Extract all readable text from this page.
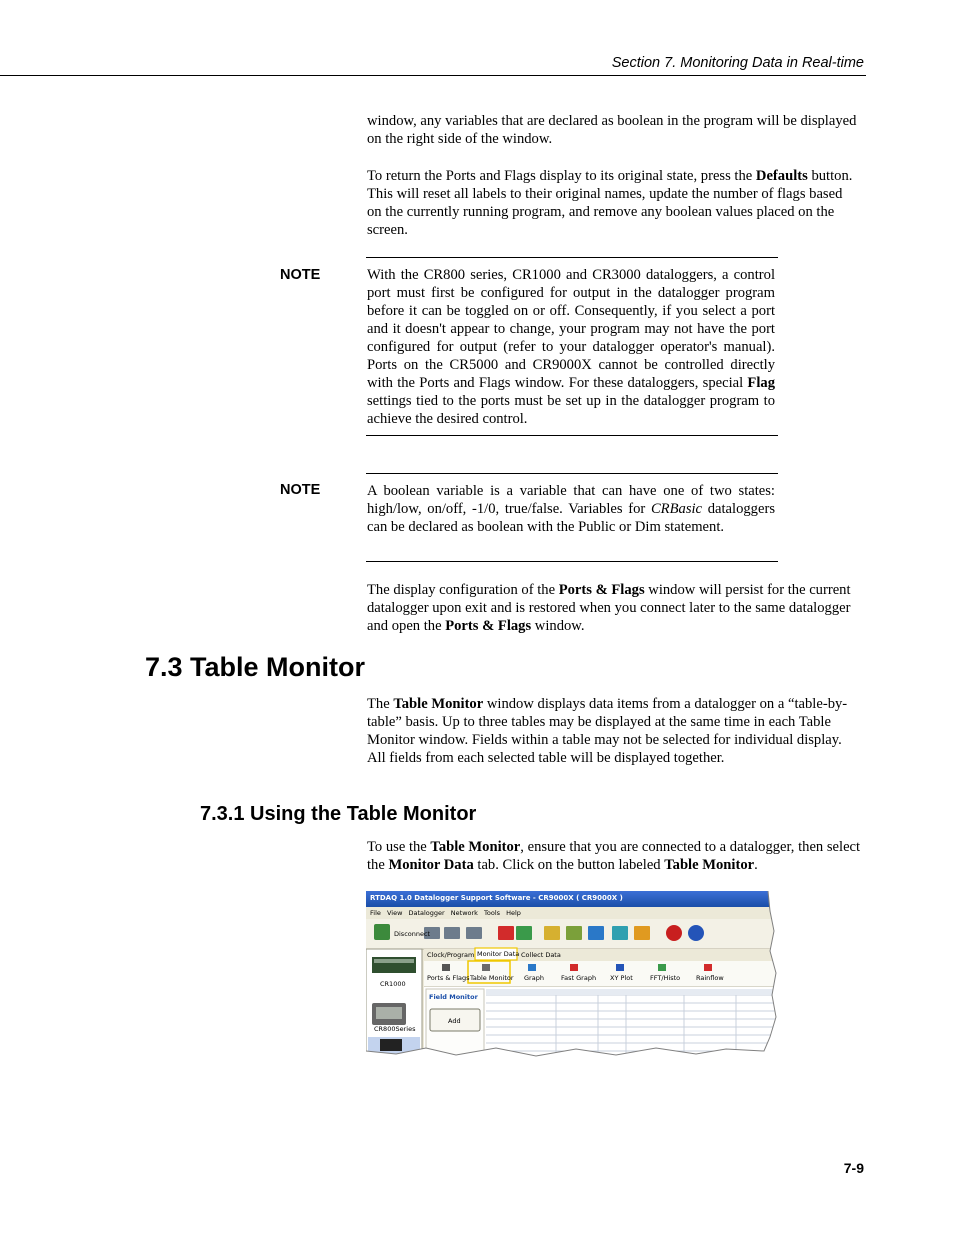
Section 7. Monitoring Data in Real-time

window, any variables that are declared as boolean in the program will be displayed on the right side of the window.

To return the Ports and Flags display to its original state, press the Defaults button. This will reset all labels to their original names, update the number of flags based on the currently running program, and remove any boolean values placed on the screen.

NOTE	With the CR800 series, CR1000 and CR3000 dataloggers, a control port must first be configured for output in the datalogger program before it can be toggled on or off. Consequently, if you select a port and it doesn't appear to change, your program may not have the port configured for output (refer to your datalogger operator's manual). Ports on the CR5000 and CR9000X cannot be controlled directly with the Ports and Flags window. For these dataloggers, special Flag settings tied to the ports must be set up in the datalogger program to achieve the desired control.

NOTE	A boolean variable is a variable that can have one of two states: high/low, on/off, -1/0, true/false. Variables for CRBasic dataloggers can be declared as boolean with the Public or Dim statement.

The display configuration of the Ports & Flags window will persist for the current datalogger upon exit and is restored when you connect later to the same datalogger and open the Ports & Flags window.

7.3 Table Monitor

The Table Monitor window displays data items from a datalogger on a “table-by-table” basis. Up to three tables may be displayed at the same time in each Table Monitor window. Fields within a table may not be selected for individual display. All fields from each selected table will be displayed together.

7.3.1 Using the Table Monitor

To use the Table Monitor, ensure that you are connected to a datalogger, then select the Monitor Data tab. Click on the button labeled Table Monitor.

RTDAQ 1.0 Datalogger Support Software - CR9000X ( CR9000X )
File View Datalogger Network Tools Help
Disconnect
Clock/Program Monitor Data Collect Data
Ports & Flags Table Monitor Graph	Fast Graph XY Plot	FFT/Histo Rainflow
CR1000
CR800Series
Field Monitor
Add
7-9
